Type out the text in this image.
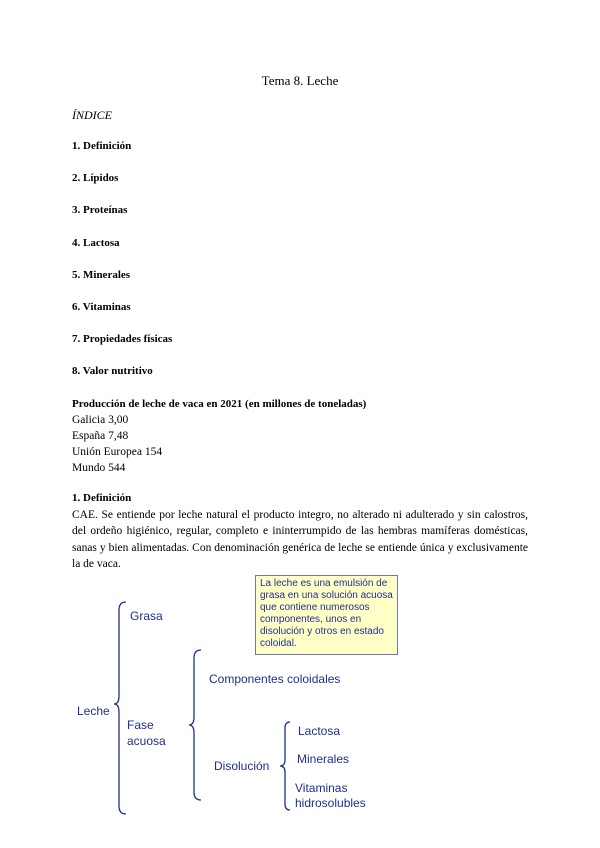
Tema 8. Leche
ÍNDICE
1. Definición
2. Lípidos
3. Proteínas
4. Lactosa
5. Minerales
6. Vitaminas
7. Propiedades físicas
8. Valor nutritivo
Producción de leche de vaca en 2021 (en millones de toneladas)
Galicia 3,00
España 7,48
Unión Europea 154
Mundo 544
1. Definición

CAE. Se entiende por leche natural el producto integro, no alterado ni adulterado y sin calostros, del ordeño higiénico, regular, completo e ininterrumpido de las hembras mamíferas domésticas, sanas y bien alimentadas. Con denominación genérica de leche se entiende única y exclusivamente la de vaca.

La leche es una emulsión de grasa en una solución acuosa que contiene numerosos componentes, unos en disolución y otros en estado coloidal.
Leche
Grasa
Fase
acuosa
Componentes coloidales
Disolución
Lactosa
Minerales
Vitaminas
hidrosolubles
